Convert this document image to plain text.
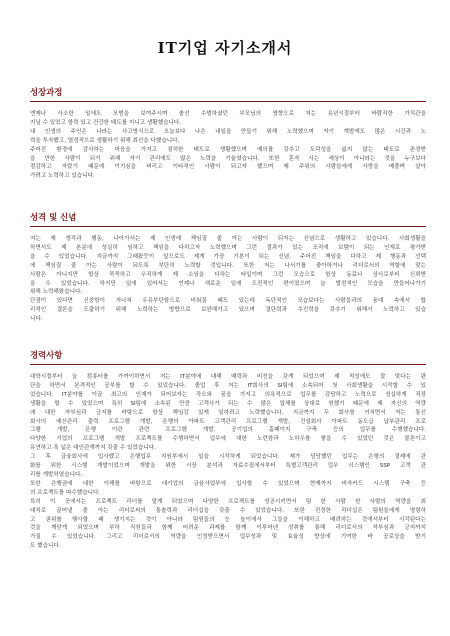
IT기업 자기소개서
성장과정

엔제나 사소한 일에도 모범을 보여주시며 솔선 수범하셨던 부모님의 영향으로 저는 유년시절부터 바람직한 가치관을

지닐 수 있었고 항력 있고 건강한 태도를 지니고 생활했습니다.

내 인생의 주인은 나라는 사고방식으로 오늘보다 나은 내일을 만들기 위해 노력했으며 자기 계발에도 많은 시간과 노

력을 투자했고, 열정적으로 생활하기 위해 최선을 다했습니다.

주어진 환경에 감사하는 마음을 가지고 겸허한 태도로 생활했으며 예의를 갖추고 도덕성을 잃지 않는 태도로 존경받

을 만한 사람이 되기 위해 자기 관리에도 많은 노력을 기울였습니다. 또한 혼자 사는 세상이 아니라는 것을 누구보다

절감하고 자랐기 때문에 이기심을 버리고 이타적인 사람이 되고자 했으며 제 주위의 사람들에게 사랑을 베풀며 살아

가려고 노력하고 있습니다.

성격 및 신념

저는 제 생각과 행동, 나아가서는 제 인생에 책임질 줄 아는 사람이 되자는 신념으로 생활하고 있습니다. 사회생활을

하면서도 제 본분에 성실히 임하고 책임을 다하고자 노력했으며 그런 결과가 있는 조직에 보탬이 되는 인재로 평가받

을 수 있었습니다. 지금까지 그래왔듯이 앞으로도 제게 가장 기본이 되는 신념, 주어진 책임을 다하고 제 행동과 선택

에 책임질 줄 아는 사람이 되도록 부단히 노력할 것입니다. 또한 저는 나서기를 좋아하거나 리더로서의 역할에 맞는

사람은 아니지만 항상 묵묵하고 우직하게 제 소임을 다하는 타입이며 그런 모습으로 항상 동료나 상사로부터 신뢰받

을 수 있었습니다. 하지만 일에 있어서는 언제나 새로운 일에 도전적인 편이었으며 늘 발전적인 모습을 만들어나가기

위해 노력해왔습니다.

단점이 있다면 신중함이 지나쳐 우유부단함으로 비춰질 때도 있는데 독단적인 모습보다는 사람들과의 융대 속에서 합

리적인 결론을 도출하기 위해 노력하는 방향으로 보완해가고 있으며 결단력과 추진력을 갖추기 위해서 노력하고 있습

니다.

경력사항

대학시절부터 늘 컴퓨터를 가까이하면서 저는 IT분야에 대해 매력과 비전을 갖게 되었으며 제 적성에도 잘 맞다는 판

단을 하면서 본격적인 공부를 할 수 있었습니다. 졸업 후 저는 IT회사의 SI팀에 소속되어 첫 사회생활을 시작할 수 있

었습니다. IT분야를 이끌 최고의 인재가 되어보자는 각오와 꿈을 가지고 의욕적으로 업무를 감당하고 노력으로 성실하게 직장

생활을 할 수 있었으며 특히 SI팀에 소속된 만큼 고객사가 되는 수 많은 업체를 상대로 원했기 때문에 제 자신의 역량

에 대한 자부심과 긍지를 바탕으로 항상 책임감 있게 일하려고 노력했습니다. 지금까지 두 회사를 거치면서 저는 통신

회사의 예산관리 출력 프로그램 개발, 은행의 아파트 고객관리 프로그램 개발, 건설회사 아파트 동도급 납부관리 프로

그램 개발, 은행 이관 관련 프로그램 개발, 공기업의 홈페이지 구축 등의 업무를 수행했습니다.

다양한 기업의 프로그램 개발 프로젝트를 수행하면서 업무에 대한 노련함과 노하우를 쌓을 수 있었던 것은 물론이고

유연하고 폭 넓은 대인관계까지 갖출 수 있었습니다.

그 후 금융회사에 입사했고 은행업무 지원부에서 일을 시작하게 되었습니다. 제가 담당했던 업무는 은행의 결제에 관

화를 위한 시스템 개발이었으며 개발을 위한 시장 분석과 자료수집에서부터 특별고객관리 업무 시스템인 SSP 고객 관

리를 개발하였습니다.

또한 은행권에 대한 이해를 바탕으로 대기업의 금융사업부에 입사할 수 있었으며 현재까지 비자카드 시스템 구축 등

의 프로젝트를 따수했습니다.

특히 이 곳에서는 프로젝트 리더를 맡게 되었으며 다양한 프로젝트를 성공시키면서 팀 한 사람 한 사람의 역량을 최

대치로 끌어낼 줄 아는 리더로써의 통솔력과 리더십을 갖출 수 있었습니다. 또한 진정한 리더십은 팀원들에게 명령하

고 권위를 행사할 때 생기지는 것이 아니라 팀원들의 눈 높이에서 그들을 이해하고 배려하는 것에서부터 시작된다는

것을 깨닫게 되었으며 부하 직원들과 함께 어려운 과제를 함께 이루어낸 성취를 통해 리더로서의 자부심과 긍지까지

가질 수 있었습니다. 그리고 리더로서의 역량을 인정받으면서 업무성과 및 효율성 향상에 기여한 바 공로상을 받기

도 했습니다.
